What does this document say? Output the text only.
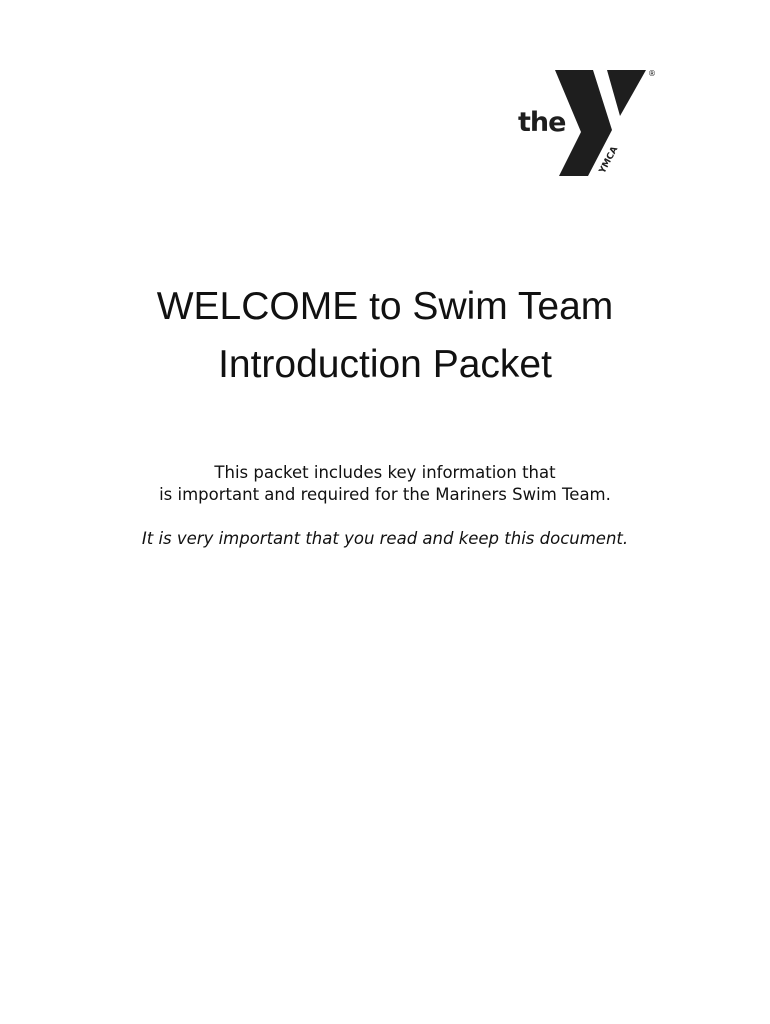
the
YMCA
®
WELCOME to Swim Team
Introduction Packet
This packet includes key information that
is important and required for the Mariners Swim Team.
It is very important that you read and keep this document.
